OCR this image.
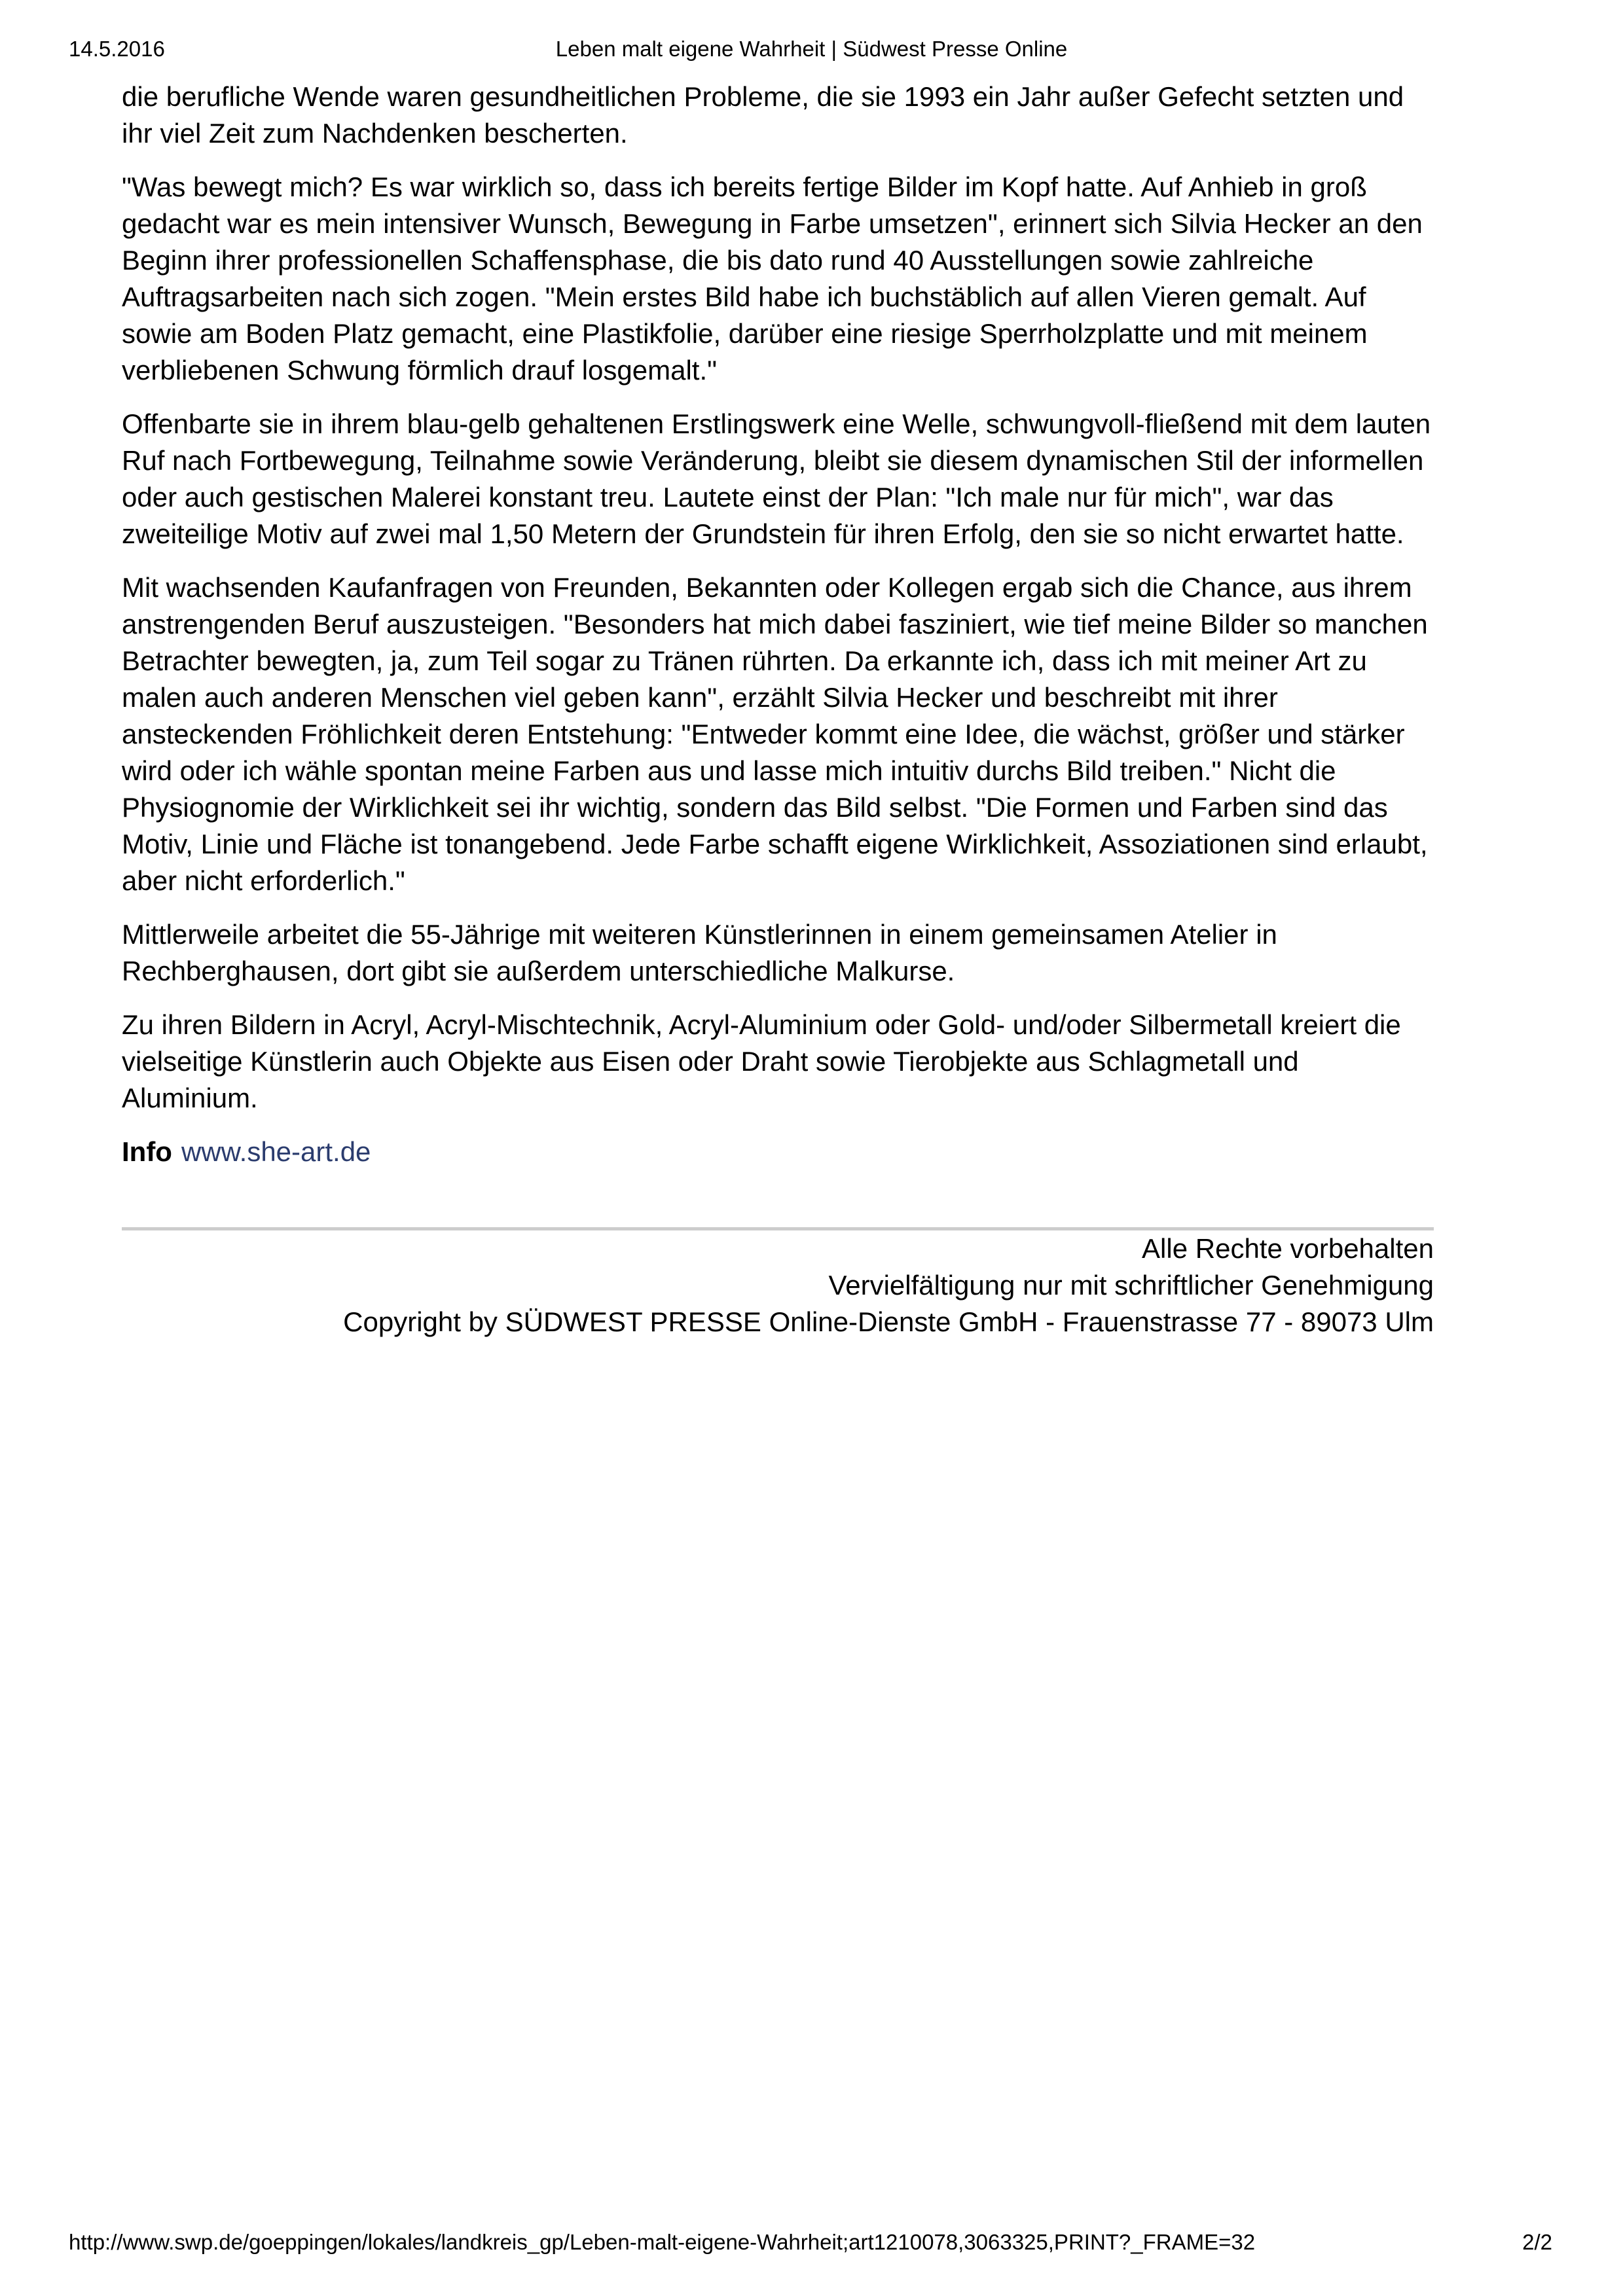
14.5.2016	Leben malt eigene Wahrheit | Südwest Presse Online

die berufliche Wende waren gesundheitlichen Probleme, die sie 1993 ein Jahr außer Gefecht setzten und ihr viel Zeit zum Nachdenken bescherten.

"Was bewegt mich? Es war wirklich so, dass ich bereits fertige Bilder im Kopf hatte. Auf Anhieb in groß gedacht war es mein intensiver Wunsch, Bewegung in Farbe umsetzen", erinnert sich Silvia Hecker an den Beginn ihrer professionellen Schaffensphase, die bis dato rund 40 Ausstellungen sowie zahlreiche Auftragsarbeiten nach sich zogen. "Mein erstes Bild habe ich buchstäblich auf allen Vieren gemalt. Auf sowie am Boden Platz gemacht, eine Plastikfolie, darüber eine riesige Sperrholzplatte und mit meinem verbliebenen Schwung förmlich drauf losgemalt."

Offenbarte sie in ihrem blau-gelb gehaltenen Erstlingswerk eine Welle, schwungvoll-fließend mit dem lauten Ruf nach Fortbewegung, Teilnahme sowie Veränderung, bleibt sie diesem dynamischen Stil der informellen oder auch gestischen Malerei konstant treu. Lautete einst der Plan: "Ich male nur für mich", war das zweiteilige Motiv auf zwei mal 1,50 Metern der Grundstein für ihren Erfolg, den sie so nicht erwartet hatte.

Mit wachsenden Kaufanfragen von Freunden, Bekannten oder Kollegen ergab sich die Chance, aus ihrem anstrengenden Beruf auszusteigen. "Besonders hat mich dabei fasziniert, wie tief meine Bilder so manchen Betrachter bewegten, ja, zum Teil sogar zu Tränen rührten. Da erkannte ich, dass ich mit meiner Art zu malen auch anderen Menschen viel geben kann", erzählt Silvia Hecker und beschreibt mit ihrer ansteckenden Fröhlichkeit deren Entstehung: "Entweder kommt eine Idee, die wächst, größer und stärker wird oder ich wähle spontan meine Farben aus und lasse mich intuitiv durchs Bild treiben." Nicht die Physiognomie der Wirklichkeit sei ihr wichtig, sondern das Bild selbst. "Die Formen und Farben sind das Motiv, Linie und Fläche ist tonangebend. Jede Farbe schafft eigene Wirklichkeit, Assoziationen sind erlaubt, aber nicht erforderlich."

Mittlerweile arbeitet die 55-Jährige mit weiteren Künstlerinnen in einem gemeinsamen Atelier in Rechberghausen, dort gibt sie außerdem unterschiedliche Malkurse.

Zu ihren Bildern in Acryl, Acryl-Mischtechnik, Acryl-Aluminium oder Gold- und/oder Silbermetall kreiert die vielseitige Künstlerin auch Objekte aus Eisen oder Draht sowie Tierobjekte aus Schlagmetall und Aluminium.

Info www.she-art.de

Alle Rechte vorbehalten
Vervielfältigung nur mit schriftlicher Genehmigung
Copyright by SÜDWEST PRESSE Online-Dienste GmbH - Frauenstrasse 77 - 89073 Ulm
http://www.swp.de/goeppingen/lokales/landkreis_gp/Leben-malt-eigene-Wahrheit;art1210078,3063325,PRINT?_FRAME=32	2/2
